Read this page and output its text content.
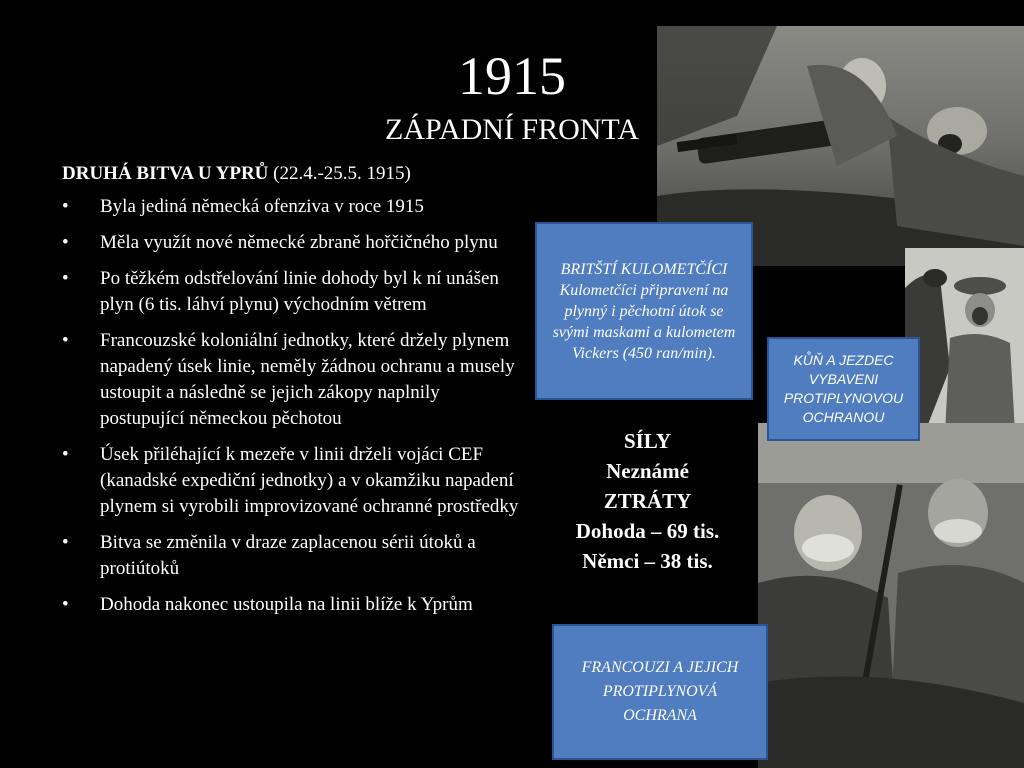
1915
ZÁPADNÍ FRONTA
DRUHÁ BITVA U YPRŮ (22.4.-25.5. 1915)
• Byla jediná německá ofenziva v roce 1915
• Měla využít nové německé zbraně hořčičného plynu
• Po těžkém odstřelování linie dohody byl k ní unášen plyn (6 tis. láhví plynu) východním větrem
• Francouzské koloniální jednotky, které držely plynem napadený úsek linie, neměly žádnou ochranu a musely ustoupit a následně se jejich zákopy naplnily postupující německou pěchotou
• Úsek přiléhající k mezeře v linii drželi vojáci CEF (kanadské expediční jednotky) a v okamžiku napadení plynem si vyrobili improvizované ochranné prostředky
• Bitva se změnila v draze zaplacenou sérii útoků a protiútoků
• Dohoda nakonec ustoupila na linii blíže k Yprům
BRITŠTÍ KULOMETČÍCI
Kulometčíci připravení na plynný i pěchotní útok se svými maskami a kulometem Vickers (450 ran/min).	KŮŇ A JEZDEC VYBAVENI PROTIPLYNOVOU OCHRANOU
SÍLY
Neznámé
ZTRÁTY
Dohoda – 69 tis.
Němci – 38 tis.
FRANCOUZI A JEJICH PROTIPLYNOVÁ OCHRANA
